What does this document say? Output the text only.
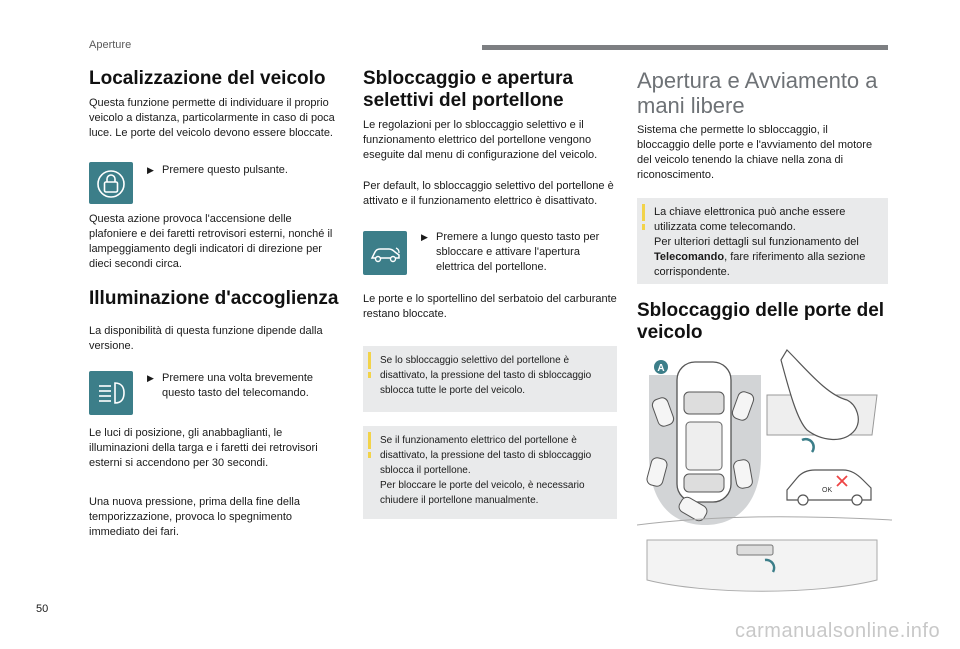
Aperture
Localizzazione del veicolo

Questa funzione permette di individuare il proprio veicolo a distanza, particolarmente in caso di poca luce. Le porte del veicolo devono essere bloccate.

▶ Premere questo pulsante.

Questa azione provoca l'accensione delle plafoniere e dei faretti retrovisori esterni, nonché il lampeggiamento degli indicatori di direzione per dieci secondi circa.

Illuminazione d'accoglienza

La disponibilità di questa funzione dipende dalla versione.

▶ Premere una volta brevemente questo tasto del telecomando.

Le luci di posizione, gli anabbaglianti, le illuminazioni della targa e i faretti dei retrovisori esterni si accendono per 30 secondi.

Una nuova pressione, prima della fine della temporizzazione, provoca lo spegnimento immediato dei fari.

Sbloccaggio e apertura selettivi del portellone

Le regolazioni per lo sbloccaggio selettivo e il funzionamento elettrico del portellone vengono eseguite dal menu di configurazione del veicolo.

Per default, lo sbloccaggio selettivo del portellone è attivato e il funzionamento elettrico è disattivato.

▶ Premere a lungo questo tasto per sbloccare e attivare l'apertura elettrica del portellone.

Le porte e lo sportellino del serbatoio del carburante restano bloccate.

Se lo sbloccaggio selettivo del portellone è disattivato, la pressione del tasto di sbloccaggio sblocca tutte le porte del veicolo.
Se il funzionamento elettrico del portellone è disattivato, la pressione del tasto di sbloccaggio sblocca il portellone.
Per bloccare le porte del veicolo, è necessario chiudere il portellone manualmente.
Apertura e Avviamento a mani libere

Sistema che permette lo sbloccaggio, il bloccaggio delle porte e l'avviamento del motore del veicolo tenendo la chiave nella zona di riconoscimento.

La chiave elettronica può anche essere utilizzata come telecomando.
Per ulteriori dettagli sul funzionamento del Telecomando, fare riferimento alla sezione corrispondente.
Sbloccaggio delle porte del veicolo
A
OK
50
carmanualsonline.info
